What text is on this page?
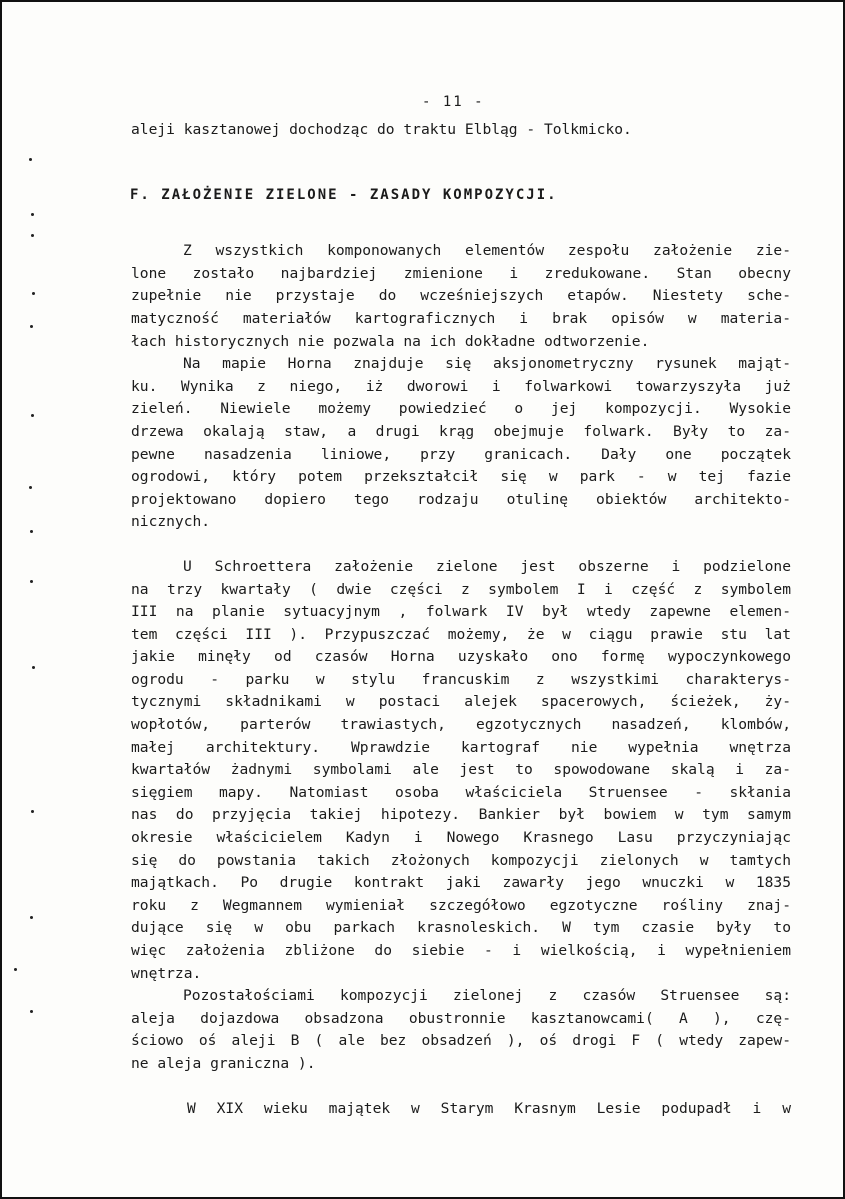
- 11 -

aleji kasztanowej dochodząc do traktu Elbląg - Tolkmicko.

F. ZAŁOŻENIE ZIELONE - ZASADY KOMPOZYCJI.

Z wszystkich komponowanych elementów zespołu założenie zie-

lone zostało najbardziej zmienione i zredukowane. Stan obecny

zupełnie nie przystaje do wcześniejszych etapów. Niestety sche-

matyczność materiałów kartograficznych i brak opisów w materia-

łach historycznych nie pozwala na ich dokładne odtworzenie.

Na mapie Horna znajduje się aksjonometryczny rysunek mająt-

ku. Wynika z niego, iż dworowi i folwarkowi towarzyszyła już

zieleń. Niewiele możemy powiedzieć o jej kompozycji. Wysokie

drzewa okalają staw, a drugi krąg obejmuje folwark. Były to za-

pewne nasadzenia liniowe, przy granicach. Dały one początek

ogrodowi, który potem przekształcił się w park - w tej fazie

projektowano dopiero tego rodzaju otulinę obiektów architekto-

nicznych.

U Schroettera założenie zielone jest obszerne i podzielone

na trzy kwartały ( dwie części z symbolem I i część z symbolem

III na planie sytuacyjnym , folwark IV był wtedy zapewne elemen-

tem części III ). Przypuszczać możemy, że w ciągu prawie stu lat

jakie minęły od czasów Horna uzyskało ono formę wypoczynkowego

ogrodu - parku w stylu francuskim z wszystkimi charakterys-

tycznymi składnikami w postaci alejek spacerowych, ścieżek, ży-

wopłotów, parterów trawiastych, egzotycznych nasadzeń, klombów,

małej architektury. Wprawdzie kartograf nie wypełnia wnętrza

kwartałów żadnymi symbolami ale jest to spowodowane skalą i za-

sięgiem mapy. Natomiast osoba właściciela Struensee - skłania

nas do przyjęcia takiej hipotezy. Bankier był bowiem w tym samym

okresie właścicielem Kadyn i Nowego Krasnego Lasu przyczyniając

się do powstania takich złożonych kompozycji zielonych w tamtych

majątkach. Po drugie kontrakt jaki zawarły jego wnuczki w 1835

roku z Wegmannem wymieniał szczegółowo egzotyczne rośliny znaj-

dujące się w obu parkach krasnoleskich. W tym czasie były to

więc założenia zbliżone do siebie - i wielkością, i wypełnieniem

wnętrza.

Pozostałościami kompozycji zielonej z czasów Struensee są:

aleja dojazdowa obsadzona obustronnie kasztanowcami( A ), czę-

ściowo oś aleji B ( ale bez obsadzeń ), oś drogi F ( wtedy zapew-

ne aleja graniczna ).

W XIX wieku majątek w Starym Krasnym Lesie podupadł i w
